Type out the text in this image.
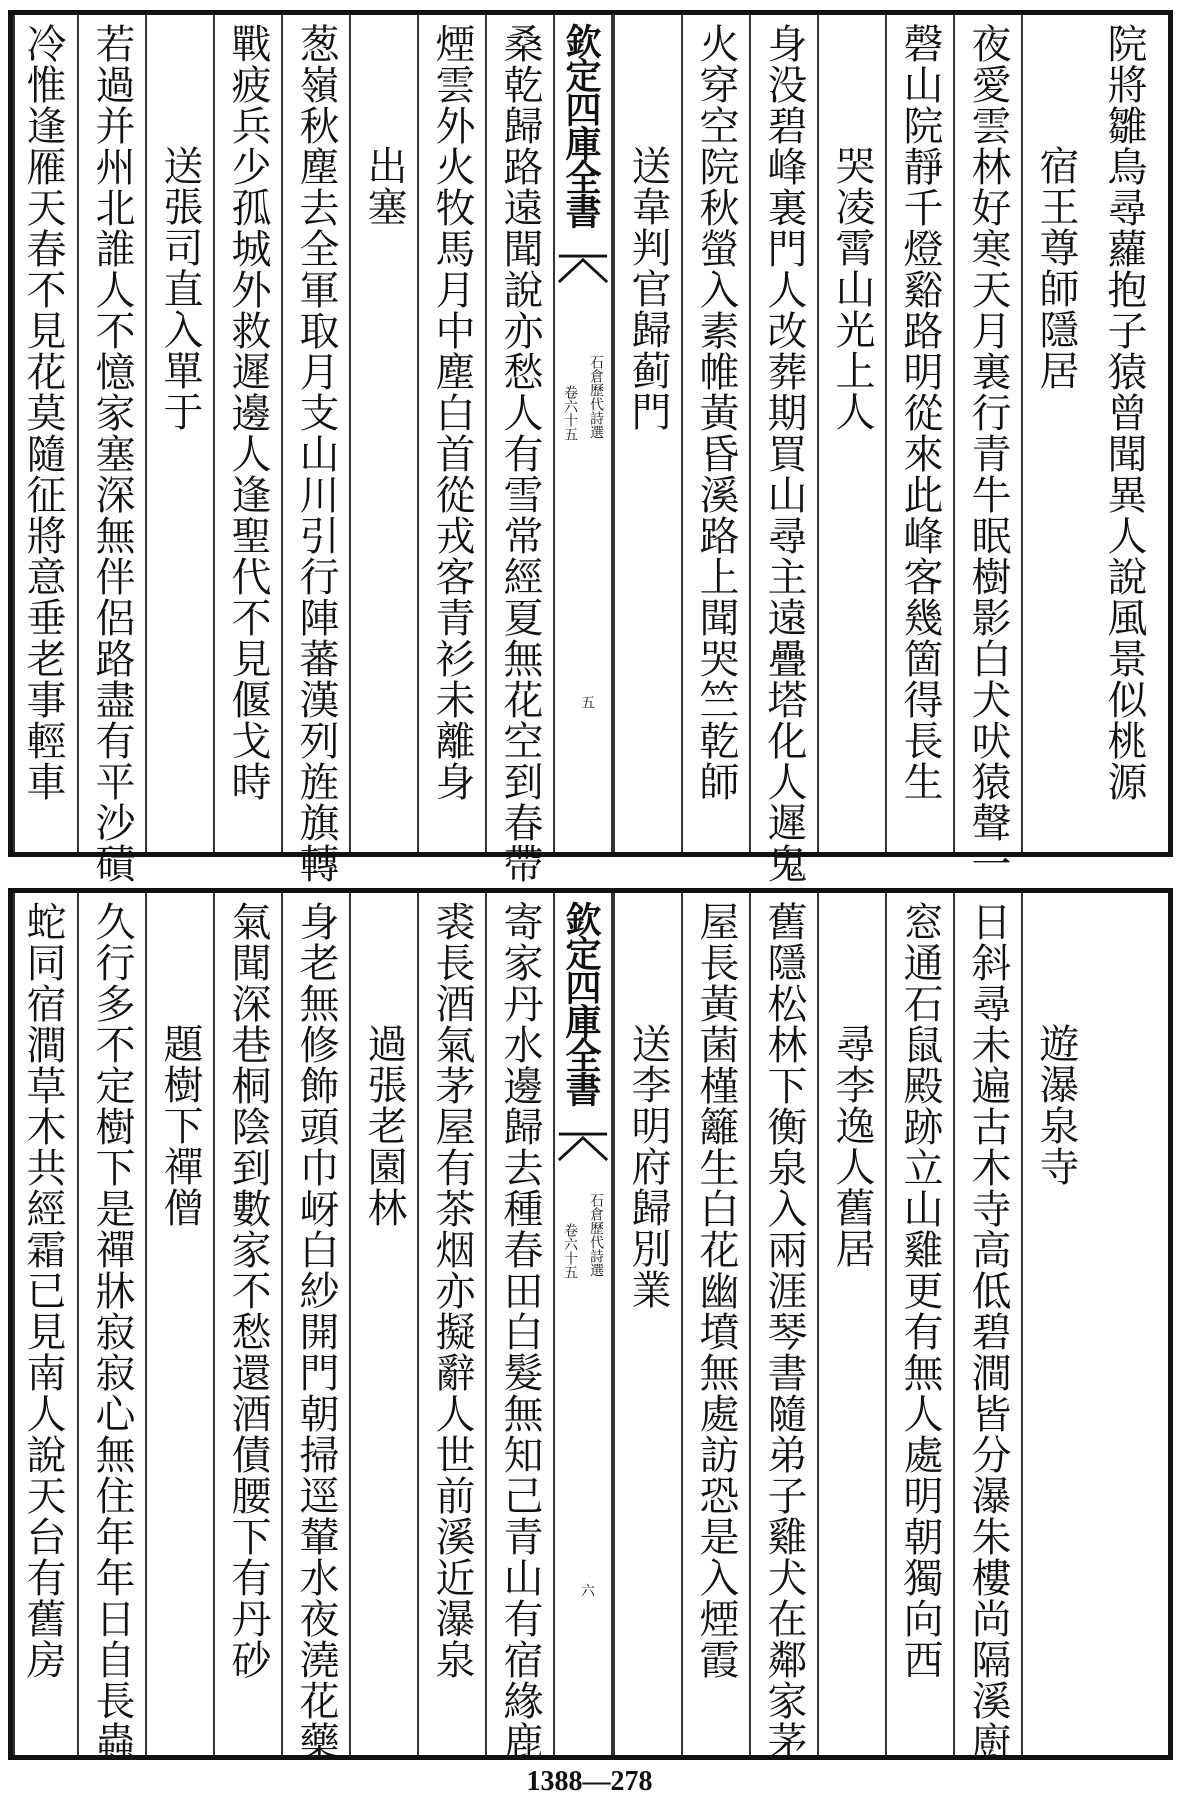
院將雛鳥尋蘿抱子猿曾聞異人說風景似桃源
宿王尊師隱居
夜愛雲林好寒天月裏行青牛眠樹影白犬吠猿聲一
磬山院靜千燈谿路明從來此峰客幾箇得長生
哭凌霄山光上人
身没碧峰裏門人改葬期買山尋主遠疊塔化人遲鬼
火穿空院秋螢入素帷黃昏溪路上聞哭竺乾師
送韋判官歸蓟門
欽定四庫全書
石倉歷代詩選
卷六十五
五
桑乾歸路遠聞說亦愁人有雪常經夏無花空到春帶
煙雲外火牧馬月中塵白首從戎客青衫未離身
出塞
葱嶺秋塵去全軍取月支山川引行陣蕃漢列旌旗轉
戰疲兵少孤城外救遲邊人逢聖代不見偃戈時
送張司直入單于
若過并州北誰人不憶家塞深無伴侶路盡有平沙磧
冷惟逢雁天春不見花莫隨征將意垂老事輕車
遊瀑泉寺
日斜尋未遍古木寺高低碧澗皆分瀑朱樓尚隔溪廚
窓通石鼠殿跡立山雞更有無人處明朝獨向西
尋李逸人舊居
舊隱松林下衡泉入兩涯琴書隨弟子雞犬在鄰家茅
屋長黃菌槿籬生白花幽墳無處訪恐是入煙霞
送李明府歸別業
欽定四庫全書
石倉歷代詩選
卷六十五
六
寄家丹水邊歸去種春田白髮無知己青山有宿緣鹿
裘長酒氣茅屋有茶烟亦擬辭人世前溪近瀑泉
過張老園林
身老無修飾頭巾岈白紗開門朝掃逕輦水夜澆花藥
氣聞深巷桐陰到數家不愁還酒債腰下有丹砂
題樹下禪僧
久行多不定樹下是禪牀寂寂心無住年年日自長蟲
蛇同宿澗草木共經霜已見南人說天台有舊房
1388—278
